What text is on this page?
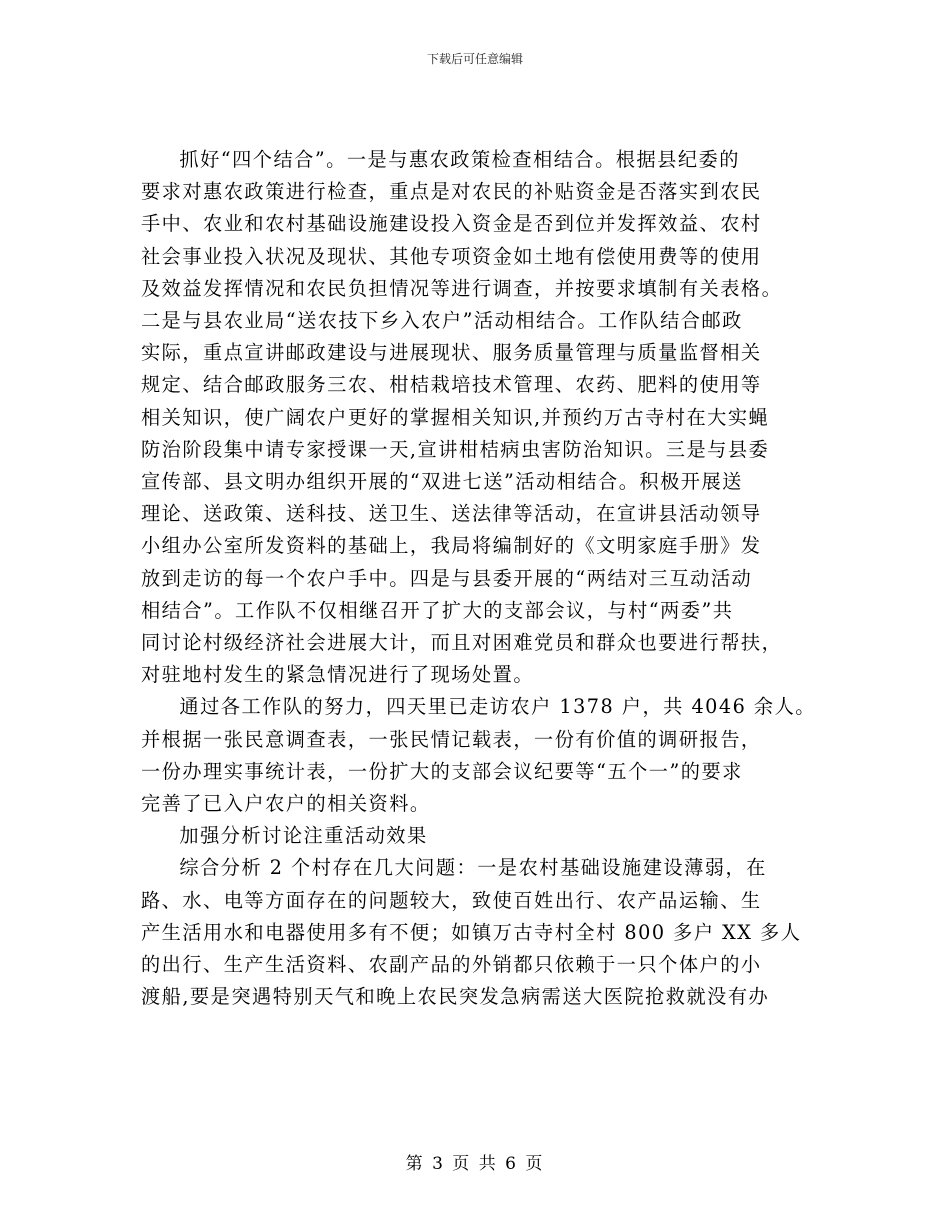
下载后可任意编辑

抓好“四个结合”。一是与惠农政策检查相结合。根据县纪委的
要求对惠农政策进行检查，重点是对农民的补贴资金是否落实到农民
手中、农业和农村基础设施建设投入资金是否到位并发挥效益、农村
社会事业投入状况及现状、其他专项资金如土地有偿使用费等的使用
及效益发挥情况和农民负担情况等进行调查，并按要求填制有关表格。
二是与县农业局“送农技下乡入农户”活动相结合。工作队结合邮政
实际，重点宣讲邮政建设与进展现状、服务质量管理与质量监督相关
规定、结合邮政服务三农、柑桔栽培技术管理、农药、肥料的使用等
相关知识，使广阔农户更好的掌握相关知识,并预约万古寺村在大实蝇
防治阶段集中请专家授课一天,宣讲柑桔病虫害防治知识。三是与县委
宣传部、县文明办组织开展的“双进七送”活动相结合。积极开展送
理论、送政策、送科技、送卫生、送法律等活动，在宣讲县活动领导
小组办公室所发资料的基础上，我局将编制好的《文明家庭手册》发
放到走访的每一个农户手中。四是与县委开展的“两结对三互动活动
相结合”。工作队不仅相继召开了扩大的支部会议，与村“两委”共
同讨论村级经济社会进展大计，而且对困难党员和群众也要进行帮扶，
对驻地村发生的紧急情况进行了现场处置。

通过各工作队的努力，四天里已走访农户 1378 户，共 4046 余人。
并根据一张民意调查表，一张民情记载表，一份有价值的调研报告，
一份办理实事统计表，一份扩大的支部会议纪要等“五个一”的要求
完善了已入户农户的相关资料。

加强分析讨论注重活动效果

综合分析 2 个村存在几大问题：一是农村基础设施建设薄弱，在
路、水、电等方面存在的问题较大，致使百姓出行、农产品运输、生
产生活用水和电器使用多有不便；如镇万古寺村全村 800 多户 XX 多人
的出行、生产生活资料、农副产品的外销都只依赖于一只个体户的小
渡船,要是突遇特别天气和晚上农民突发急病需送大医院抢救就没有办

第 3 页 共 6 页
